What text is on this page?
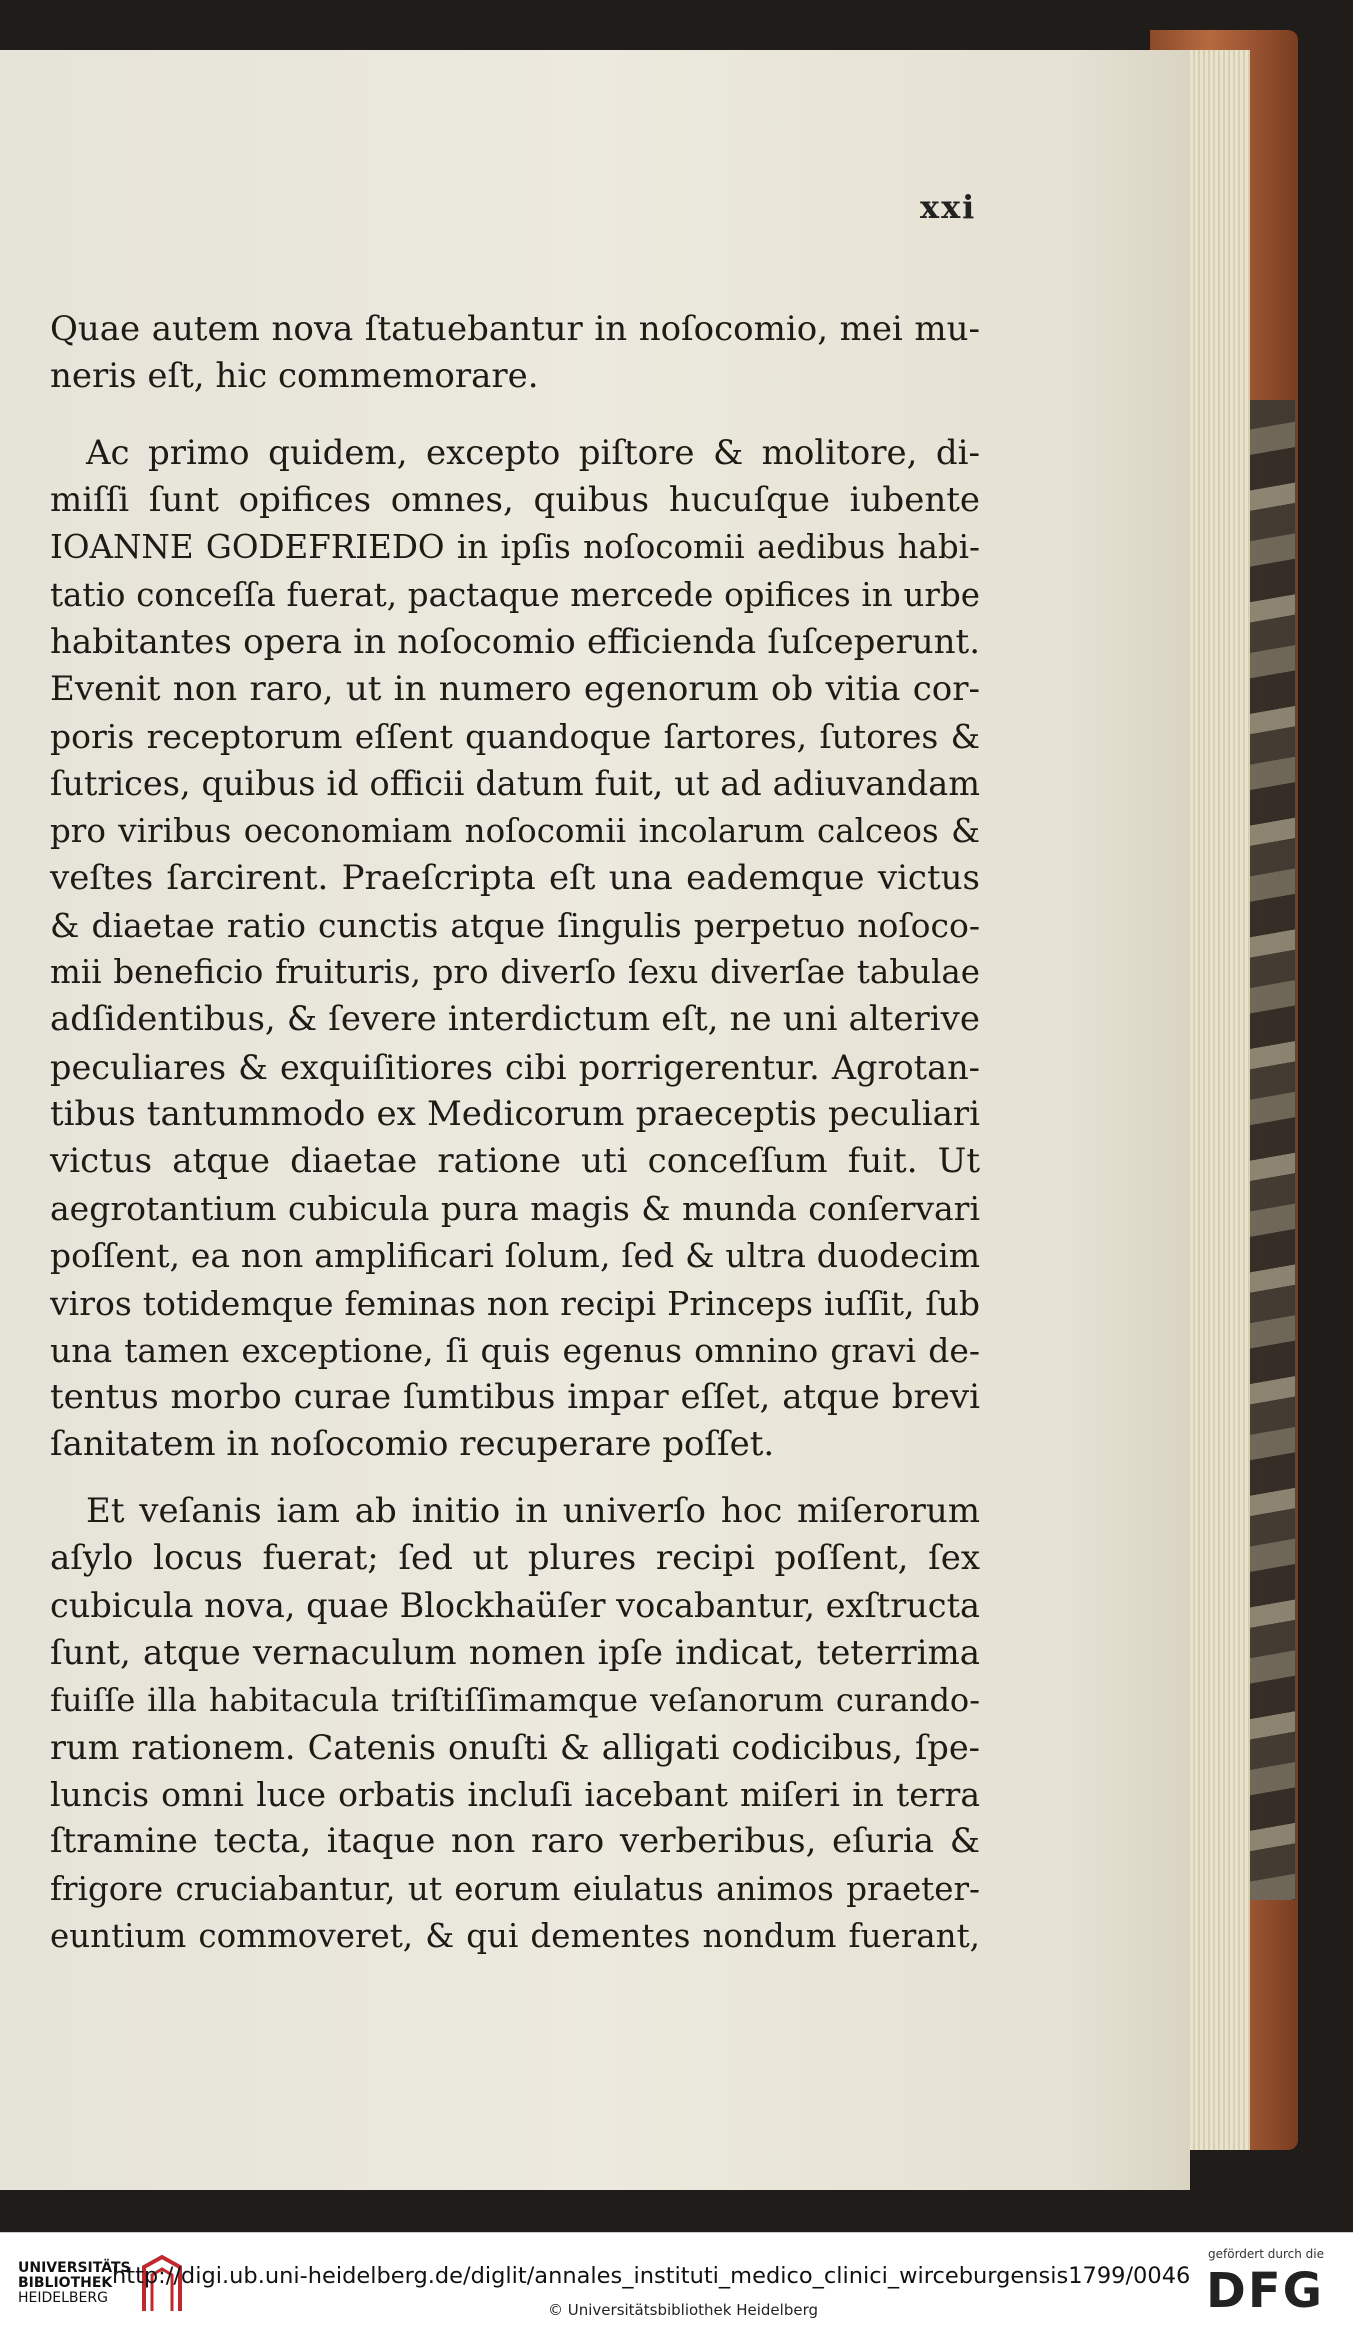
xxi

Quae autem nova ſtatuebantur in noſocomio, mei mu-
neris eſt, hic commemorare.

Ac primo quidem, excepto piſtore & molitore, di-
miſſi ſunt opifices omnes, quibus hucuſque iubente
IOANNE GODEFRIEDO in ipſis noſocomii aedibus habi-
tatio conceſſa fuerat, pactaque mercede opifices in urbe
habitantes opera in noſocomio efficienda ſuſceperunt.
Evenit non raro, ut in numero egenorum ob vitia cor-
poris receptorum eſſent quandoque ſartores, ſutores &
ſutrices, quibus id officii datum fuit, ut ad adiuvandam
pro viribus oeconomiam noſocomii incolarum calceos &
veſtes ſarcirent. Praeſcripta eſt una eademque victus
& diaetae ratio cunctis atque ſingulis perpetuo noſoco-
mii beneficio fruituris, pro diverſo ſexu diverſae tabulae
adſidentibus, & ſevere interdictum eſt, ne uni alterive
peculiares & exquiſitiores cibi porrigerentur. Agrotan-
tibus tantummodo ex Medicorum praeceptis peculiari
victus atque diaetae ratione uti conceſſum fuit. Ut
aegrotantium cubicula pura magis & munda conſervari
poſſent, ea non amplificari ſolum, ſed & ultra duodecim
viros totidemque feminas non recipi Princeps iuſſit, ſub
una tamen exceptione, ſi quis egenus omnino gravi de-
tentus morbo curae ſumtibus impar eſſet, atque brevi
ſanitatem in noſocomio recuperare poſſet.

Et veſanis iam ab initio in univerſo hoc miſerorum
aſylo locus fuerat; ſed ut plures recipi poſſent, ſex
cubicula nova, quae Blockhaüſer vocabantur, exſtructa
ſunt, atque vernaculum nomen ipſe indicat, teterrima
fuiſſe illa habitacula triſtiſſimamque veſanorum curando-
rum rationem. Catenis onuſti & alligati codicibus, ſpe-
luncis omni luce orbatis incluſi iacebant miſeri in terra
ſtramine tecta, itaque non raro verberibus, eſuria &
frigore cruciabantur, ut eorum eiulatus animos praeter-
euntium commoveret, & qui dementes nondum fuerant,

UNIVERSITÄTS
BIBLIOTHEK
HEIDELBERG
http://digi.ub.uni-heidelberg.de/diglit/annales_instituti_medico_clinici_wirceburgensis1799/0046
© Universitätsbibliothek Heidelberg
gefördert durch die
DFG
